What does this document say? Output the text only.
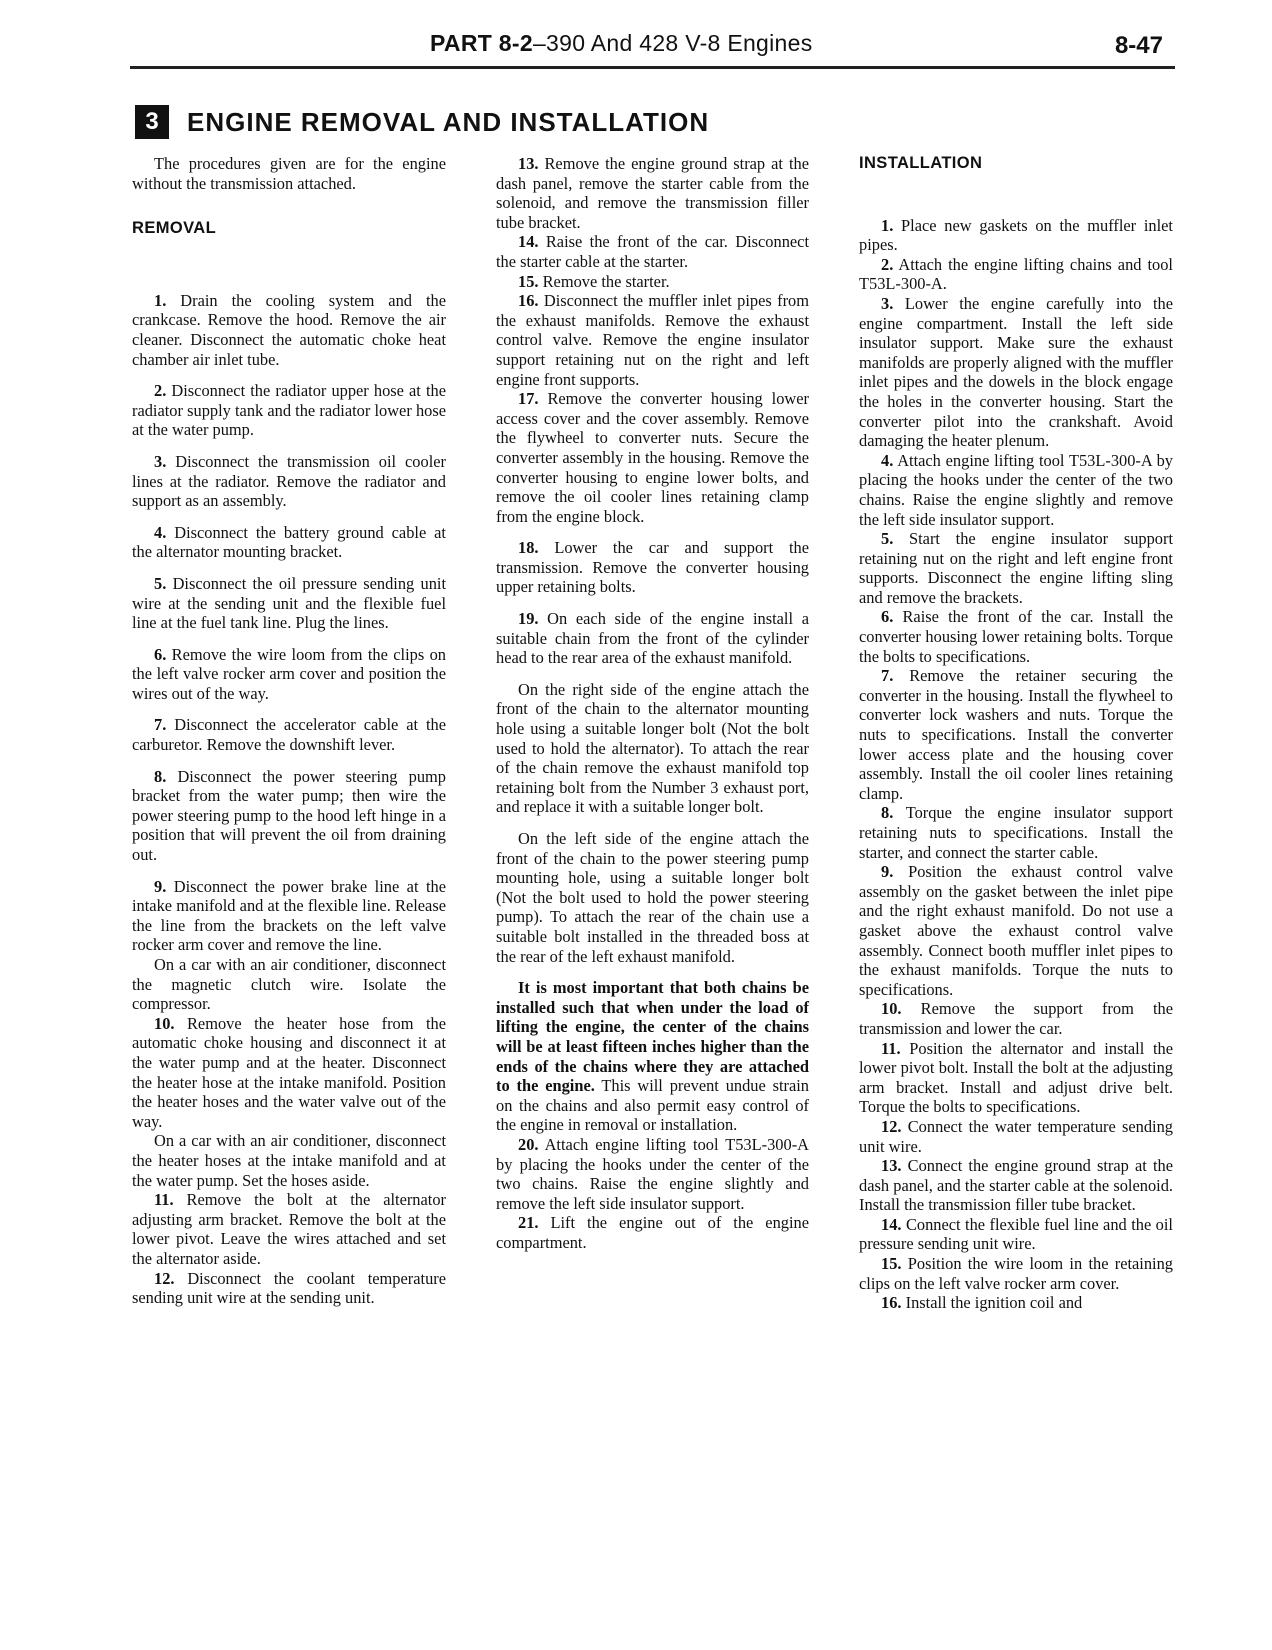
PART 8-2–390 And 428 V-8 Engines	8-47
3	ENGINE REMOVAL AND INSTALLATION

The procedures given are for the engine without the transmission attached.

REMOVAL

1. Drain the cooling system and the crankcase. Remove the hood. Remove the air cleaner. Disconnect the automatic choke heat chamber air inlet tube.

2. Disconnect the radiator upper hose at the radiator supply tank and the radiator lower hose at the water pump.

3. Disconnect the transmission oil cooler lines at the radiator. Remove the radiator and support as an assembly.

4. Disconnect the battery ground cable at the alternator mounting bracket.

5. Disconnect the oil pressure sending unit wire at the sending unit and the flexible fuel line at the fuel tank line. Plug the lines.

6. Remove the wire loom from the clips on the left valve rocker arm cover and position the wires out of the way.

7. Disconnect the accelerator cable at the carburetor. Remove the downshift lever.

8. Disconnect the power steering pump bracket from the water pump; then wire the power steering pump to the hood left hinge in a position that will prevent the oil from draining out.

9. Disconnect the power brake line at the intake manifold and at the flexible line. Release the line from the brackets on the left valve rocker arm cover and remove the line.

On a car with an air conditioner, disconnect the magnetic clutch wire. Isolate the compressor.

10. Remove the heater hose from the automatic choke housing and disconnect it at the water pump and at the heater. Disconnect the heater hose at the intake manifold. Position the heater hoses and the water valve out of the way.

On a car with an air conditioner, disconnect the heater hoses at the intake manifold and at the water pump. Set the hoses aside.

11. Remove the bolt at the alternator adjusting arm bracket. Remove the bolt at the lower pivot. Leave the wires attached and set the alternator aside.

12. Disconnect the coolant temperature sending unit wire at the sending unit.

13. Remove the engine ground strap at the dash panel, remove the starter cable from the solenoid, and remove the transmission filler tube bracket.

14. Raise the front of the car. Disconnect the starter cable at the starter.

15. Remove the starter.

16. Disconnect the muffler inlet pipes from the exhaust manifolds. Remove the exhaust control valve. Remove the engine insulator support retaining nut on the right and left engine front supports.

17. Remove the converter housing lower access cover and the cover assembly. Remove the flywheel to converter nuts. Secure the converter assembly in the housing. Remove the converter housing to engine lower bolts, and remove the oil cooler lines retaining clamp from the engine block.

18. Lower the car and support the transmission. Remove the converter housing upper retaining bolts.

19. On each side of the engine install a suitable chain from the front of the cylinder head to the rear area of the exhaust manifold.

On the right side of the engine attach the front of the chain to the alternator mounting hole using a suitable longer bolt (Not the bolt used to hold the alternator). To attach the rear of the chain remove the exhaust manifold top retaining bolt from the Number 3 exhaust port, and replace it with a suitable longer bolt.

On the left side of the engine attach the front of the chain to the power steering pump mounting hole, using a suitable longer bolt (Not the bolt used to hold the power steering pump). To attach the rear of the chain use a suitable bolt installed in the threaded boss at the rear of the left exhaust manifold.

It is most important that both chains be installed such that when under the load of lifting the engine, the center of the chains will be at least fifteen inches higher than the ends of the chains where they are attached to the engine. This will prevent undue strain on the chains and also permit easy control of the engine in removal or installation.

20. Attach engine lifting tool T53L-300-A by placing the hooks under the center of the two chains. Raise the engine slightly and remove the left side insulator support.

21. Lift the engine out of the engine compartment.

INSTALLATION

1. Place new gaskets on the muffler inlet pipes.

2. Attach the engine lifting chains and tool T53L-300-A.

3. Lower the engine carefully into the engine compartment. Install the left side insulator support. Make sure the exhaust manifolds are properly aligned with the muffler inlet pipes and the dowels in the block engage the holes in the converter housing. Start the converter pilot into the crankshaft. Avoid damaging the heater plenum.

4. Attach engine lifting tool T53L-300-A by placing the hooks under the center of the two chains. Raise the engine slightly and remove the left side insulator support.

5. Start the engine insulator support retaining nut on the right and left engine front supports. Disconnect the engine lifting sling and remove the brackets.

6. Raise the front of the car. Install the converter housing lower retaining bolts. Torque the bolts to specifications.

7. Remove the retainer securing the converter in the housing. Install the flywheel to converter lock washers and nuts. Torque the nuts to specifications. Install the converter lower access plate and the housing cover assembly. Install the oil cooler lines retaining clamp.

8. Torque the engine insulator support retaining nuts to specifications. Install the starter, and connect the starter cable.

9. Position the exhaust control valve assembly on the gasket between the inlet pipe and the right exhaust manifold. Do not use a gasket above the exhaust control valve assembly. Connect booth muffler inlet pipes to the exhaust manifolds. Torque the nuts to specifications.

10. Remove the support from the transmission and lower the car.

11. Position the alternator and install the lower pivot bolt. Install the bolt at the adjusting arm bracket. Install and adjust drive belt. Torque the bolts to specifications.

12. Connect the water temperature sending unit wire.

13. Connect the engine ground strap at the dash panel, and the starter cable at the solenoid. Install the transmission filler tube bracket.

14. Connect the flexible fuel line and the oil pressure sending unit wire.

15. Position the wire loom in the retaining clips on the left valve rocker arm cover.

16. Install the ignition coil and
